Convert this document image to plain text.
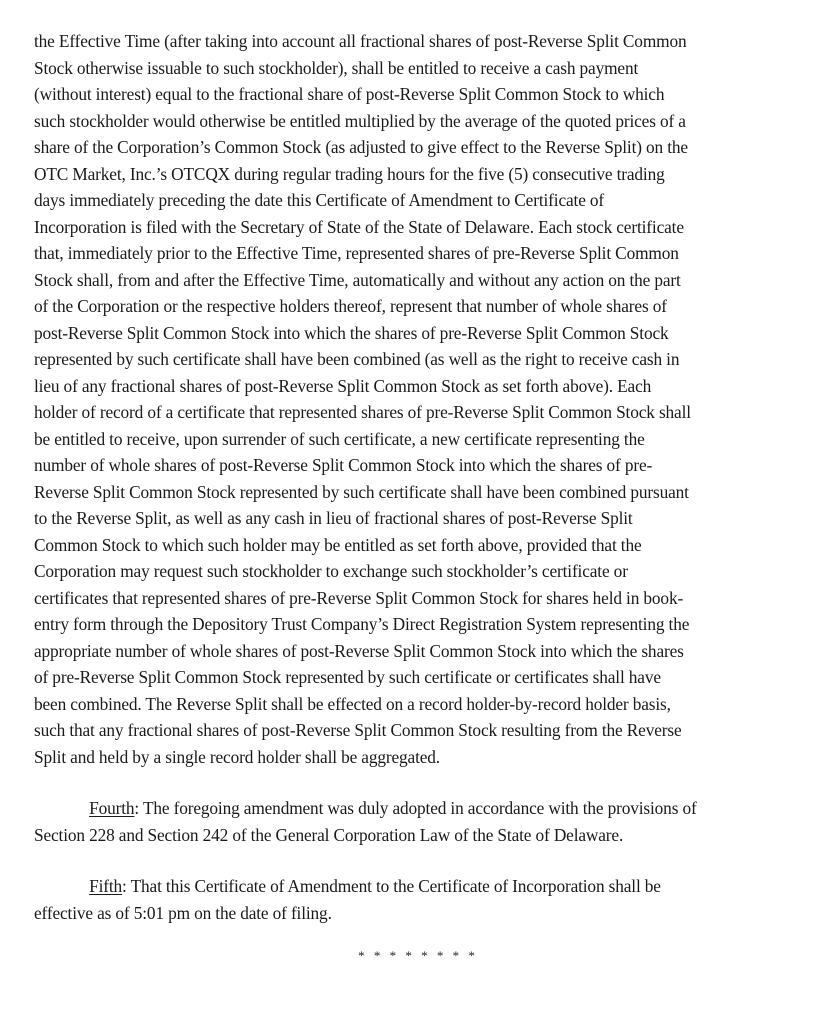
the Effective Time (after taking into account all fractional shares of post-Reverse Split Common
Stock otherwise issuable to such stockholder), shall be entitled to receive a cash payment
(without interest) equal to the fractional share of post-Reverse Split Common Stock to which
such stockholder would otherwise be entitled multiplied by the average of the quoted prices of a
share of the Corporation’s Common Stock (as adjusted to give effect to the Reverse Split) on the
OTC Market, Inc.’s OTCQX during regular trading hours for the five (5) consecutive trading
days immediately preceding the date this Certificate of Amendment to Certificate of
Incorporation is filed with the Secretary of State of the State of Delaware. Each stock certificate
that, immediately prior to the Effective Time, represented shares of pre-Reverse Split Common
Stock shall, from and after the Effective Time, automatically and without any action on the part
of the Corporation or the respective holders thereof, represent that number of whole shares of
post-Reverse Split Common Stock into which the shares of pre-Reverse Split Common Stock
represented by such certificate shall have been combined (as well as the right to receive cash in
lieu of any fractional shares of post-Reverse Split Common Stock as set forth above). Each
holder of record of a certificate that represented shares of pre-Reverse Split Common Stock shall
be entitled to receive, upon surrender of such certificate, a new certificate representing the
number of whole shares of post-Reverse Split Common Stock into which the shares of pre-
Reverse Split Common Stock represented by such certificate shall have been combined pursuant
to the Reverse Split, as well as any cash in lieu of fractional shares of post-Reverse Split
Common Stock to which such holder may be entitled as set forth above, provided that the
Corporation may request such stockholder to exchange such stockholder’s certificate or
certificates that represented shares of pre-Reverse Split Common Stock for shares held in book-
entry form through the Depository Trust Company’s Direct Registration System representing the
appropriate number of whole shares of post-Reverse Split Common Stock into which the shares
of pre-Reverse Split Common Stock represented by such certificate or certificates shall have
been combined. The Reverse Split shall be effected on a record holder-by-record holder basis,
such that any fractional shares of post-Reverse Split Common Stock resulting from the Reverse
Split and held by a single record holder shall be aggregated.
Fourth: The foregoing amendment was duly adopted in accordance with the provisions of
Section 228 and Section 242 of the General Corporation Law of the State of Delaware.
Fifth: That this Certificate of Amendment to the Certificate of Incorporation shall be
effective as of 5:01 pm on the date of filing.
* * * * * * * *
